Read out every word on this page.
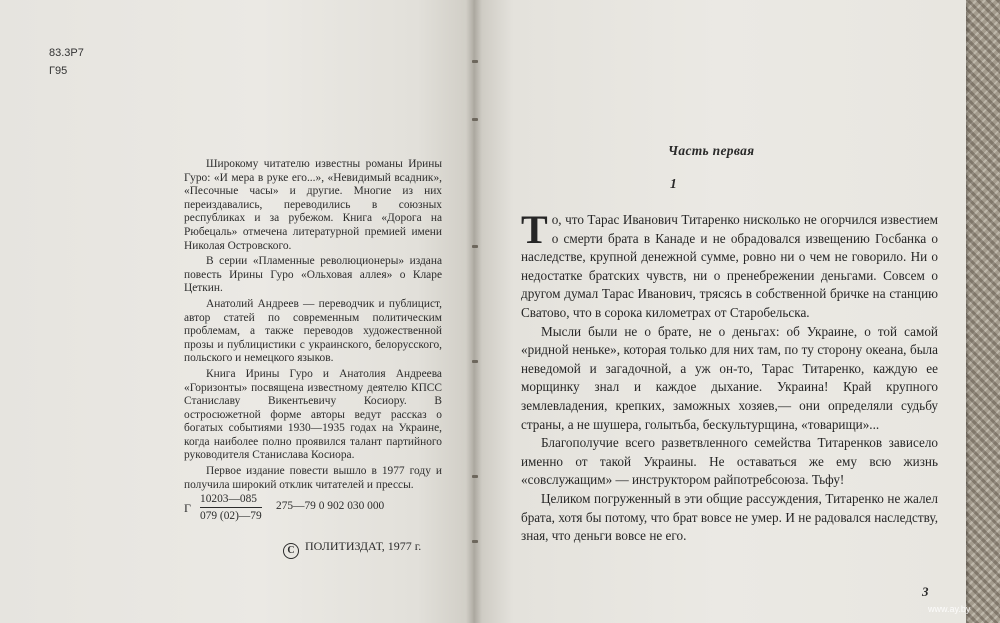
83.3Р7
Г95

Широкому читателю известны романы Ирины Гуро: «И мера в руке его...», «Невидимый всадник», «Песочные часы» и другие. Многие из них переиздавались, переводились в союзных республиках и за рубежом. Книга «Дорога на Рюбецаль» отмечена литературной премией имени Николая Островского.

В серии «Пламенные революционеры» издана повесть Ирины Гуро «Ольховая аллея» о Кларе Цеткин.

Анатолий Андреев — переводчик и публицист, автор статей по современным политическим проблемам, а также переводов художественной прозы и публицистики с украинского, белорусского, польского и немецкого языков.

Книга Ирины Гуро и Анатолия Андреева «Горизонты» посвящена известному деятелю КПСС Станиславу Викентьевичу Косиору. В остросюжетной форме авторы ведут рассказ о богатых событиями 1930—1935 годах на Украине, когда наиболее полно проявился талант партийного руководителя Станислава Косиора.

Первое издание повести вышло в 1977 году и получила широкий отклик читателей и прессы.

Г $\frac{10203—085}{079 (02)—79}$ 275—79 0 902 030 000
C ПОЛИТИЗДАТ, 1977 г.
Часть первая
1

То, что Тарас Иванович Титаренко нисколько не огорчился известием о смерти брата в Канаде и не обрадовался извещению Госбанка о наследстве, крупной денежной сумме, ровно ни о чем не говорило. Ни о недостатке братских чувств, ни о пренебрежении деньгами. Совсем о другом думал Тарас Иванович, трясясь в собственной бричке на станцию Сватово, что в сорока километрах от Старобельска.

Мысли были не о брате, не о деньгах: об Украине, о той самой «ридной неньке», которая только для них там, по ту сторону океана, была неведомой и загадочной, а уж он-то, Тарас Титаренко, каждую ее морщинку знал и каждое дыхание. Украина! Край крупного землевладения, крепких, заможных хозяев,— они определяли судьбу страны, а не шушера, голытьба, бескультурщина, «товарищи»...

Благополучие всего разветвленного семейства Титаренков зависело именно от такой Украины. Не оставаться же ему всю жизнь «совслужащим» — инструктором райпотребсоюза. Тьфу!

Целиком погруженный в эти общие рассуждения, Титаренко не жалел брата, хотя бы потому, что брат вовсе не умер. И не радовался наследству, зная, что деньги вовсе не его.

3
www.ay.by
